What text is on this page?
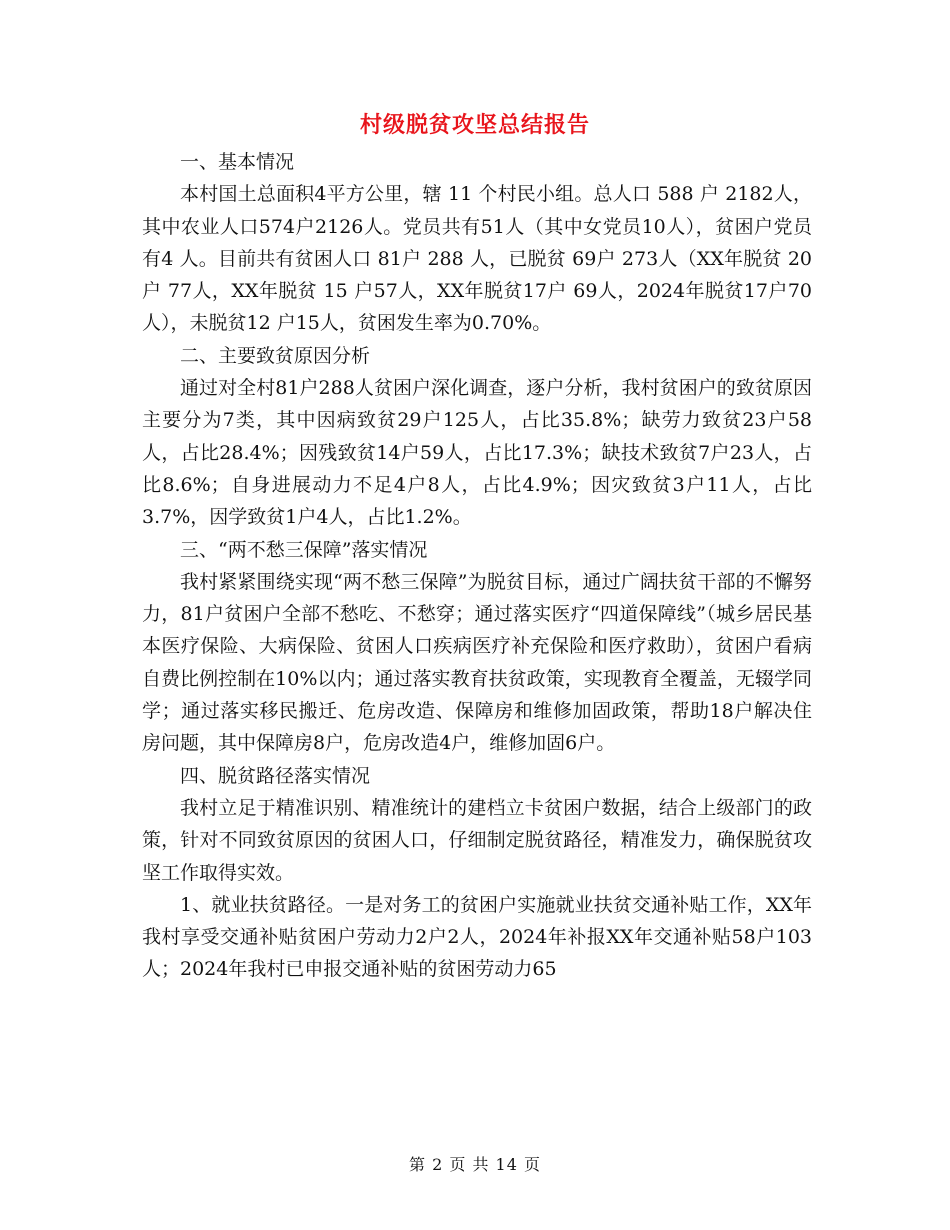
村级脱贫攻坚总结报告

一、基本情况

本村国土总面积4平方公里，辖 11 个村民小组。总人口 588 户 2182人，其中农业人口574户2126人。党员共有51人（其中女党员10人），贫困户党员有4 人。目前共有贫困人口 81户 288 人，已脱贫 69户 273人（XX年脱贫 20 户 77人，XX年脱贫 15 户57人，XX年脱贫17户 69人，2024年脱贫17户70人），未脱贫12 户15人，贫困发生率为0.70%。

二、主要致贫原因分析

通过对全村81户288人贫困户深化调查，逐户分析，我村贫困户的致贫原因主要分为7类，其中因病致贫29户125人，占比35.8%；缺劳力致贫23户58人，占比28.4%；因残致贫14户59人，占比17.3%；缺技术致贫7户23人，占比8.6%；自身进展动力不足4户8人，占比4.9%；因灾致贫3户11人，占比3.7%，因学致贫1户4人，占比1.2%。

三、“两不愁三保障”落实情况

我村紧紧围绕实现“两不愁三保障”为脱贫目标，通过广阔扶贫干部的不懈努力，81户贫困户全部不愁吃、不愁穿；通过落实医疗“四道保障线”（城乡居民基本医疗保险、大病保险、贫困人口疾病医疗补充保险和医疗救助），贫困户看病自费比例控制在10%以内；通过落实教育扶贫政策，实现教育全覆盖，无辍学同学；通过落实移民搬迁、危房改造、保障房和维修加固政策，帮助18户解决住房问题，其中保障房8户，危房改造4户，维修加固6户。

四、脱贫路径落实情况

我村立足于精准识别、精准统计的建档立卡贫困户数据，结合上级部门的政策，针对不同致贫原因的贫困人口，仔细制定脱贫路径，精准发力，确保脱贫攻坚工作取得实效。

1、就业扶贫路径。一是对务工的贫困户实施就业扶贫交通补贴工作，XX年我村享受交通补贴贫困户劳动力2户2人，2024年补报XX年交通补贴58户103人；2024年我村已申报交通补贴的贫困劳动力65

第 2 页 共 14 页
